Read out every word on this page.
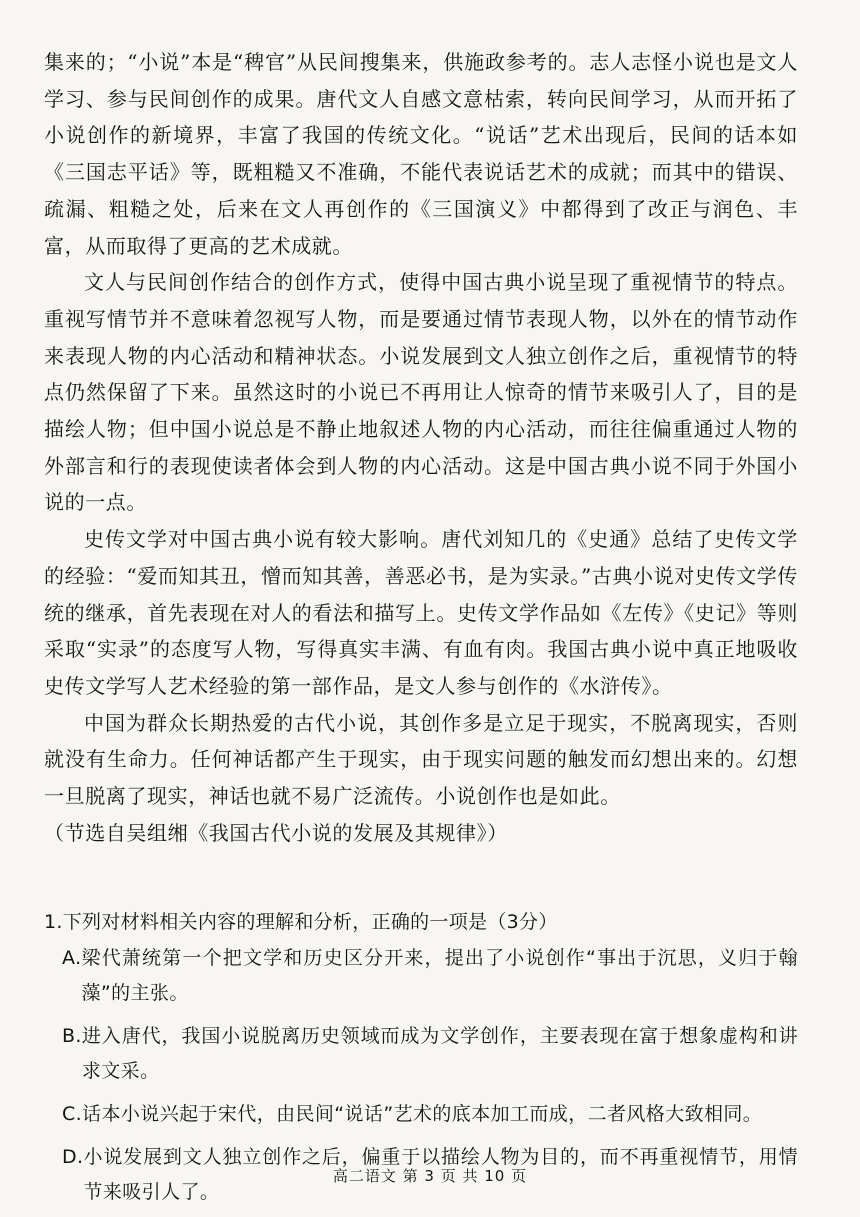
集来的；“小说”本是“稗官”从民间搜集来，供施政参考的。志人志怪小说也是文人学习、参与民间创作的成果。唐代文人自感文意枯索，转向民间学习，从而开拓了小说创作的新境界，丰富了我国的传统文化。“说话”艺术出现后，民间的话本如《三国志平话》等，既粗糙又不准确，不能代表说话艺术的成就；而其中的错误、疏漏、粗糙之处，后来在文人再创作的《三国演义》中都得到了改正与润色、丰富，从而取得了更高的艺术成就。

文人与民间创作结合的创作方式，使得中国古典小说呈现了重视情节的特点。重视写情节并不意味着忽视写人物，而是要通过情节表现人物，以外在的情节动作来表现人物的内心活动和精神状态。小说发展到文人独立创作之后，重视情节的特点仍然保留了下来。虽然这时的小说已不再用让人惊奇的情节来吸引人了，目的是描绘人物；但中国小说总是不静止地叙述人物的内心活动，而往往偏重通过人物的外部言和行的表现使读者体会到人物的内心活动。这是中国古典小说不同于外国小说的一点。

史传文学对中国古典小说有较大影响。唐代刘知几的《史通》总结了史传文学的经验：“爱而知其丑，憎而知其善，善恶必书，是为实录。”古典小说对史传文学传统的继承，首先表现在对人的看法和描写上。史传文学作品如《左传》《史记》等则采取“实录”的态度写人物，写得真实丰满、有血有肉。我国古典小说中真正地吸收史传文学写人艺术经验的第一部作品，是文人参与创作的《水浒传》。

中国为群众长期热爱的古代小说，其创作多是立足于现实，不脱离现实，否则就没有生命力。任何神话都产生于现实，由于现实问题的触发而幻想出来的。幻想一旦脱离了现实，神话也就不易广泛流传。小说创作也是如此。

（节选自吴组缃《我国古代小说的发展及其规律》）

1.下列对材料相关内容的理解和分析，正确的一项是（3分）

A. 梁代萧统第一个把文学和历史区分开来，提出了小说创作“事出于沉思，义归于翰藻”的主张。
B. 进入唐代，我国小说脱离历史领域而成为文学创作，主要表现在富于想象虚构和讲求文采。
C. 话本小说兴起于宋代，由民间“说话”艺术的底本加工而成，二者风格大致相同。
D. 小说发展到文人独立创作之后，偏重于以描绘人物为目的，而不再重视情节，用情节来吸引人了。
高二语文 第 3 页 共 10 页
